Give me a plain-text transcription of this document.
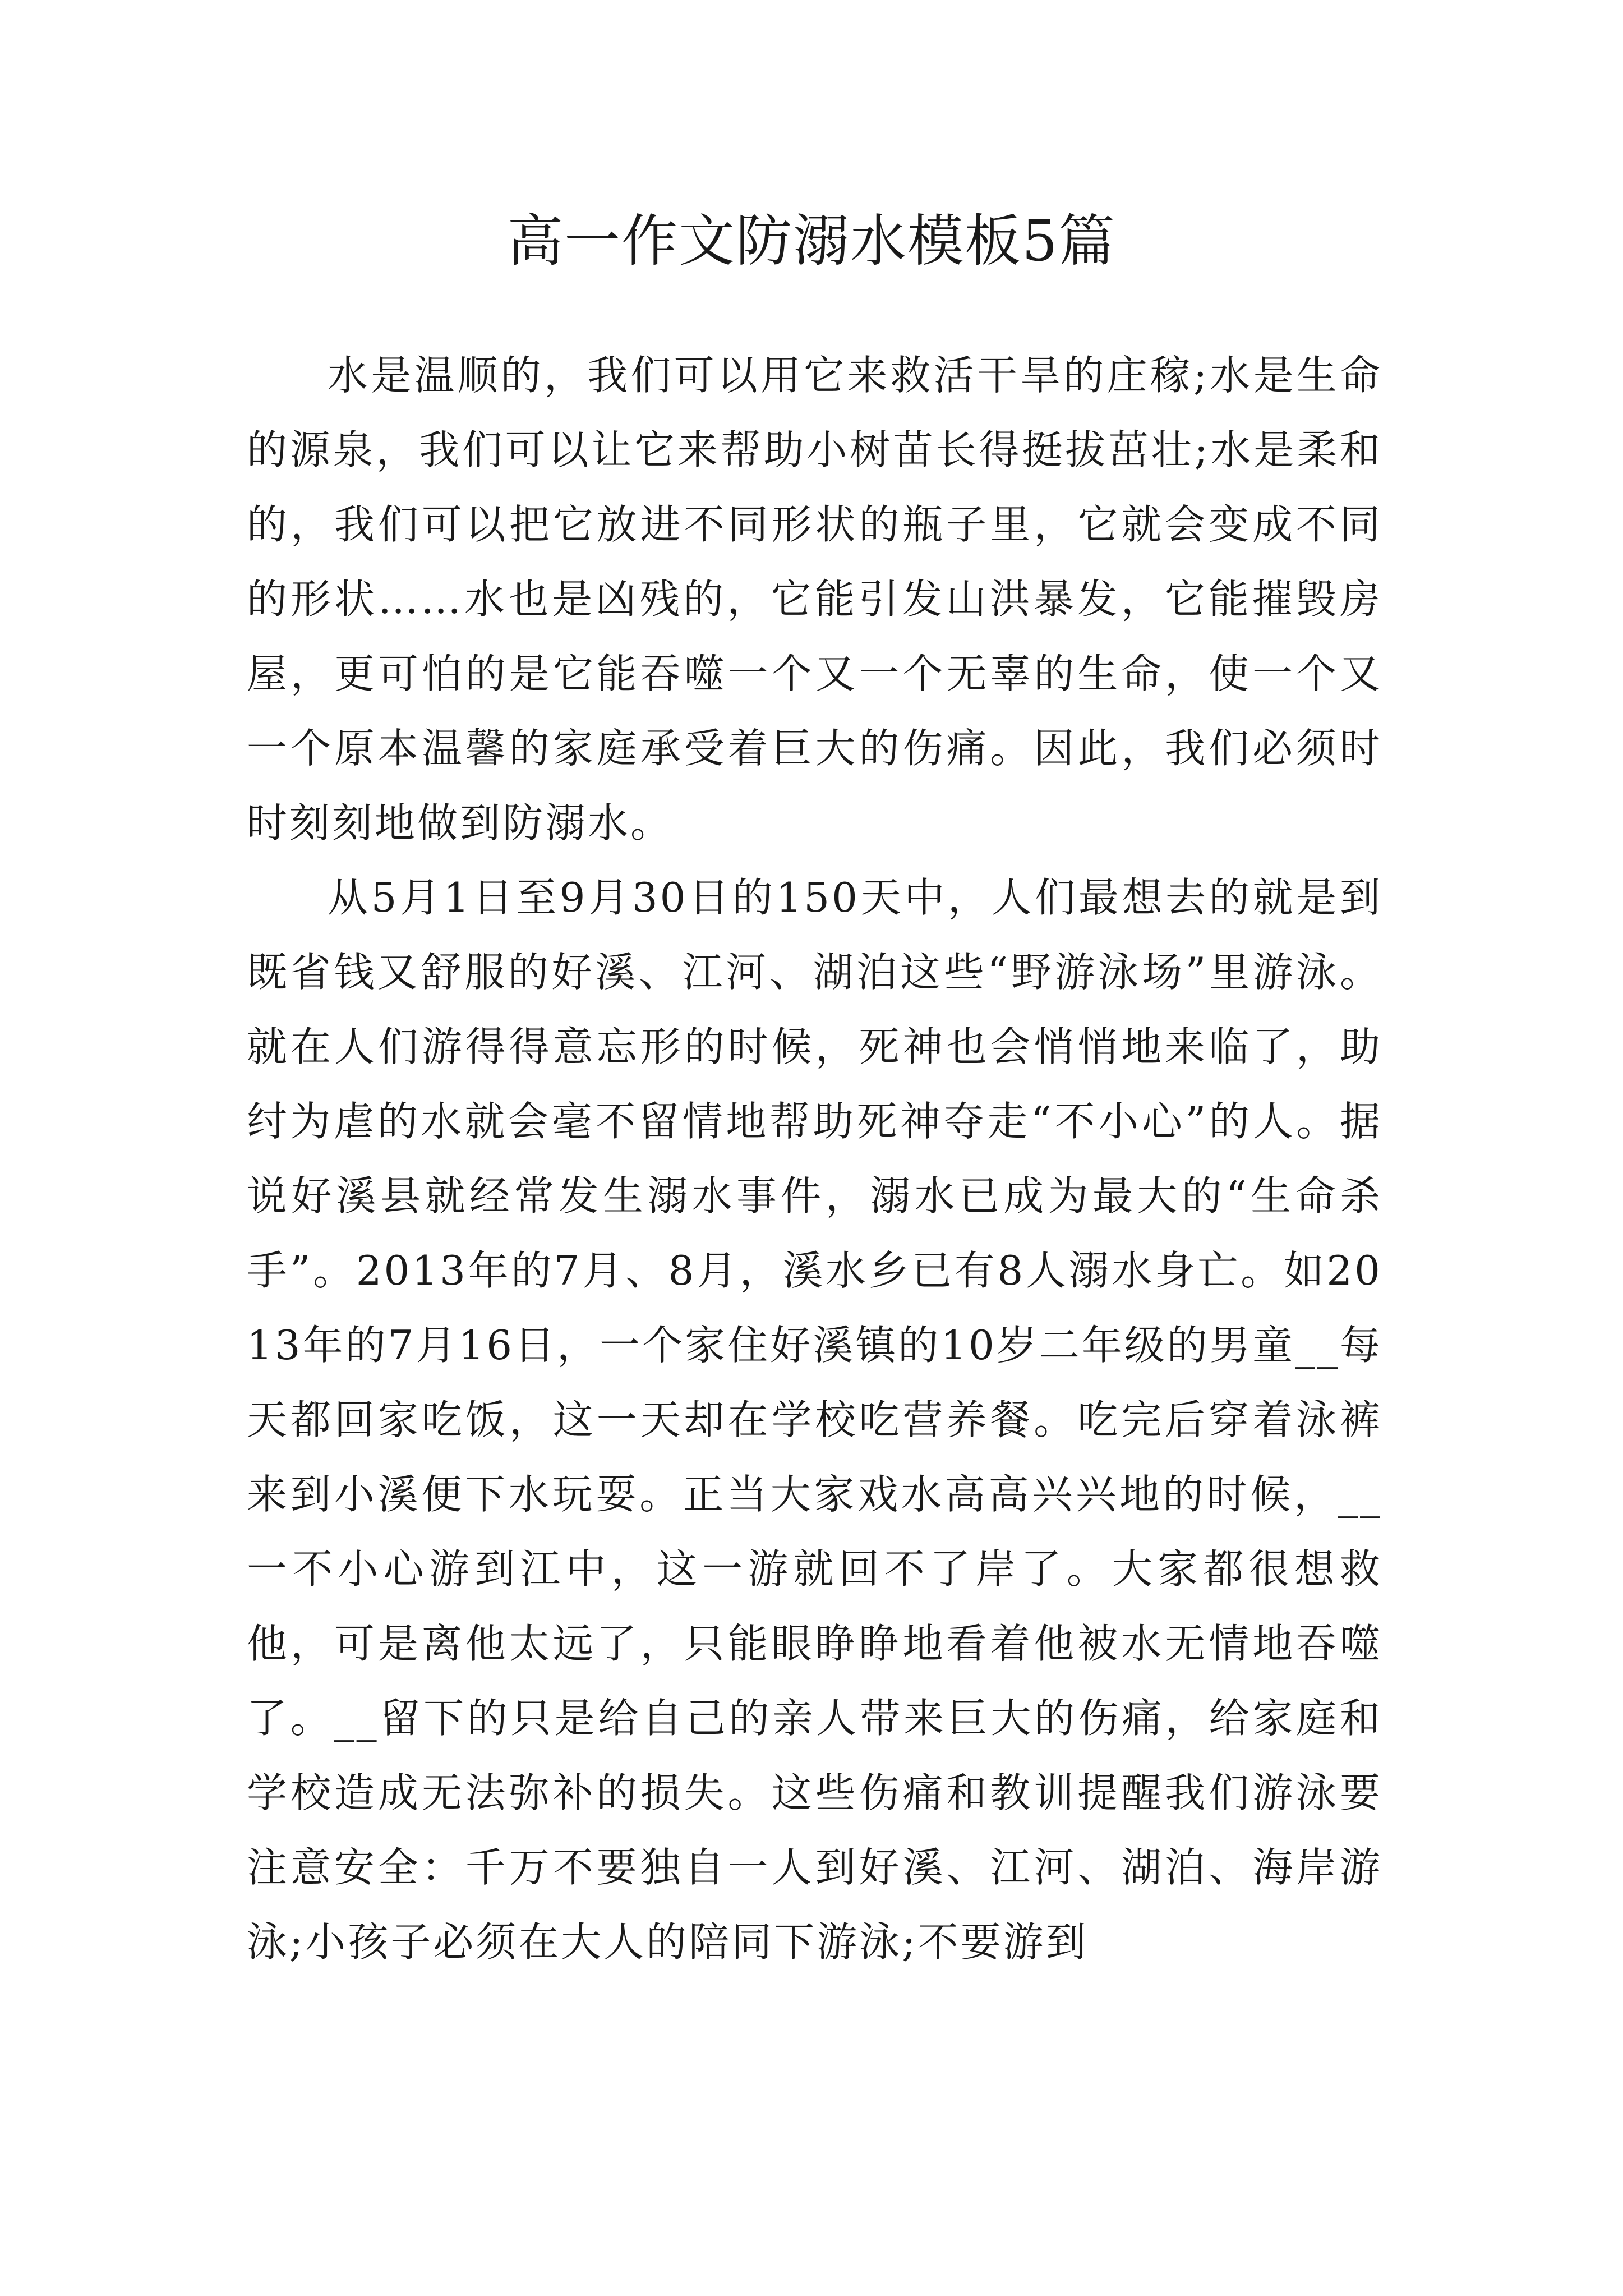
高一作文防溺水模板5篇

水是温顺的，我们可以用它来救活干旱的庄稼;水是生命的源泉，我们可以让它来帮助小树苗长得挺拔茁壮;水是柔和的，我们可以把它放进不同形状的瓶子里，它就会变成不同的形状……水也是凶残的，它能引发山洪暴发，它能摧毁房屋，更可怕的是它能吞噬一个又一个无辜的生命，使一个又一个原本温馨的家庭承受着巨大的伤痛。因此，我们必须时时刻刻地做到防溺水。

从5月1日至9月30日的150天中，人们最想去的就是到既省钱又舒服的好溪、江河、湖泊这些“野游泳场”里游泳。就在人们游得得意忘形的时候，死神也会悄悄地来临了，助纣为虐的水就会毫不留情地帮助死神夺走“不小心”的人。据说好溪县就经常发生溺水事件，溺水已成为最大的“生命杀手”。2013年的7月、8月，溪水乡已有8人溺水身亡。如2013年的7月16日，一个家住好溪镇的10岁二年级的男童__每天都回家吃饭，这一天却在学校吃营养餐。吃完后穿着泳裤来到小溪便下水玩耍。正当大家戏水高高兴兴地的时候，__一不小心游到江中，这一游就回不了岸了。大家都很想救他，可是离他太远了，只能眼睁睁地看着他被水无情地吞噬了。__留下的只是给自己的亲人带来巨大的伤痛，给家庭和学校造成无法弥补的损失。这些伤痛和教训提醒我们游泳要注意安全：千万不要独自一人到好溪、江河、湖泊、海岸游泳;小孩子必须在大人的陪同下游泳;不要游到
